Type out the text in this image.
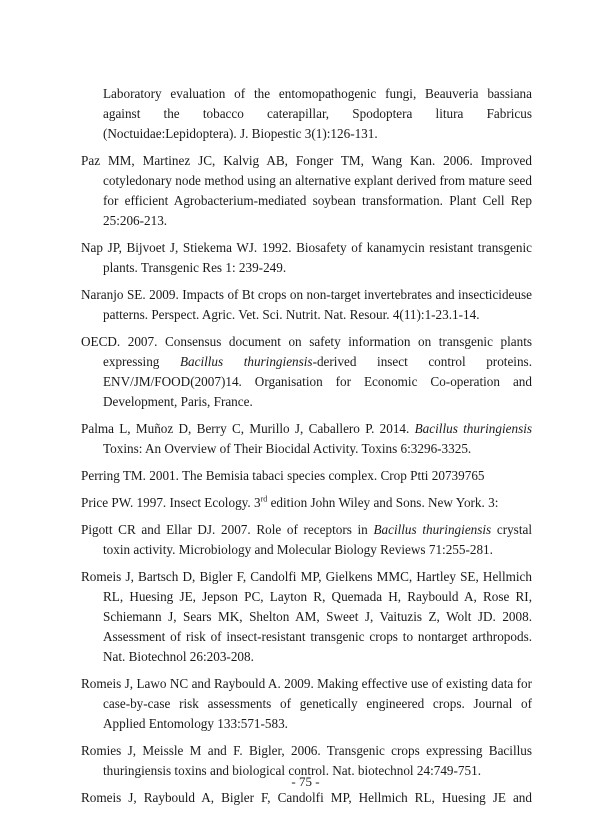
Laboratory evaluation of the entomopathogenic fungi, Beauveria bassiana against the tobacco caterapillar, Spodoptera litura Fabricus (Noctuidae:Lepidoptera). J. Biopestic 3(1):126-131.

Paz MM, Martinez JC, Kalvig AB, Fonger TM, Wang Kan. 2006. Improved cotyledonary node method using an alternative explant derived from mature seed for efficient Agrobacterium-mediated soybean transformation. Plant Cell Rep 25:206-213.

Nap JP, Bijvoet J, Stiekema WJ. 1992. Biosafety of kanamycin resistant transgenic plants. Transgenic Res 1: 239-249.

Naranjo SE. 2009. Impacts of Bt crops on non-target invertebrates and insecticideuse patterns. Perspect. Agric. Vet. Sci. Nutrit. Nat. Resour. 4(11):1-23.1-14.

OECD. 2007. Consensus document on safety information on transgenic plants expressing Bacillus thuringiensis-derived insect control proteins. ENV/JM/FOOD(2007)14. Organisation for Economic Co-operation and Development, Paris, France.

Palma L, Muñoz D, Berry C, Murillo J, Caballero P. 2014. Bacillus thuringiensis Toxins: An Overview of Their Biocidal Activity. Toxins 6:3296-3325.

Perring TM. 2001. The Bemisia tabaci species complex. Crop Ptti 20739765

Price PW. 1997. Insect Ecology. 3rd edition John Wiley and Sons. New York. 3:

Pigott CR and Ellar DJ. 2007. Role of receptors in Bacillus thuringiensis crystal toxin activity. Microbiology and Molecular Biology Reviews 71:255-281.

Romeis J, Bartsch D, Bigler F, Candolfi MP, Gielkens MMC, Hartley SE, Hellmich RL, Huesing JE, Jepson PC, Layton R, Quemada H, Raybould A, Rose RI, Schiemann J, Sears MK, Shelton AM, Sweet J, Vaituzis Z, Wolt JD. 2008. Assessment of risk of insect-resistant transgenic crops to nontarget arthropods. Nat. Biotechnol 26:203-208.

Romeis J, Lawo NC and Raybould A. 2009. Making effective use of existing data for case-by-case risk assessments of genetically engineered crops. Journal of Applied Entomology 133:571-583.

Romies J, Meissle M and F. Bigler, 2006. Transgenic crops expressing Bacillus thuringiensis toxins and biological control. Nat. biotechnol 24:749-751.

Romeis J, Raybould A, Bigler F, Candolfi MP, Hellmich RL, Huesing JE and

- 75 -
